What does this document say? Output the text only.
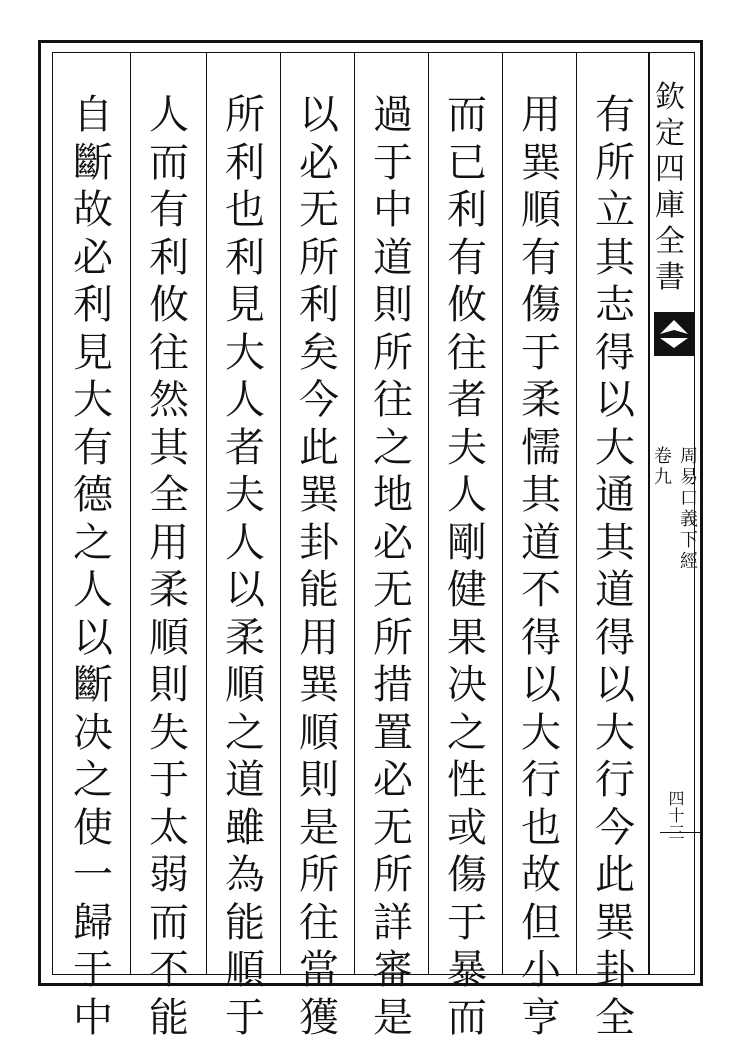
有
所
立
其
志
得
以
大
通
其
道
得
以
大
行
今
此
巽
卦
全
用
巽
順
有
傷
于
柔
懦
其
道
不
得
以
大
行
也
故
但
小
亨
而
已
利
有
攸
往
者
夫
人
剛
健
果
决
之
性
或
傷
于
暴
而
過
于
中
道
則
所
往
之
地
必
无
所
措
置
必
无
所
詳
審
是
以
必
无
所
利
矣
今
此
巽
卦
能
用
巽
順
則
是
所
往
當
獲
所
利
也
利
見
大
人
者
夫
人
以
柔
順
之
道
雖
為
能
順
于
人
而
有
利
攸
往
然
其
全
用
柔
順
則
失
于
太
弱
而
不
能
自
斷
故
必
利
見
大
有
德
之
人
以
斷
决
之
使
一
歸
于
中
欽
定
四
庫
全
書
周
易
口
義
下
經
卷
九
四十三
